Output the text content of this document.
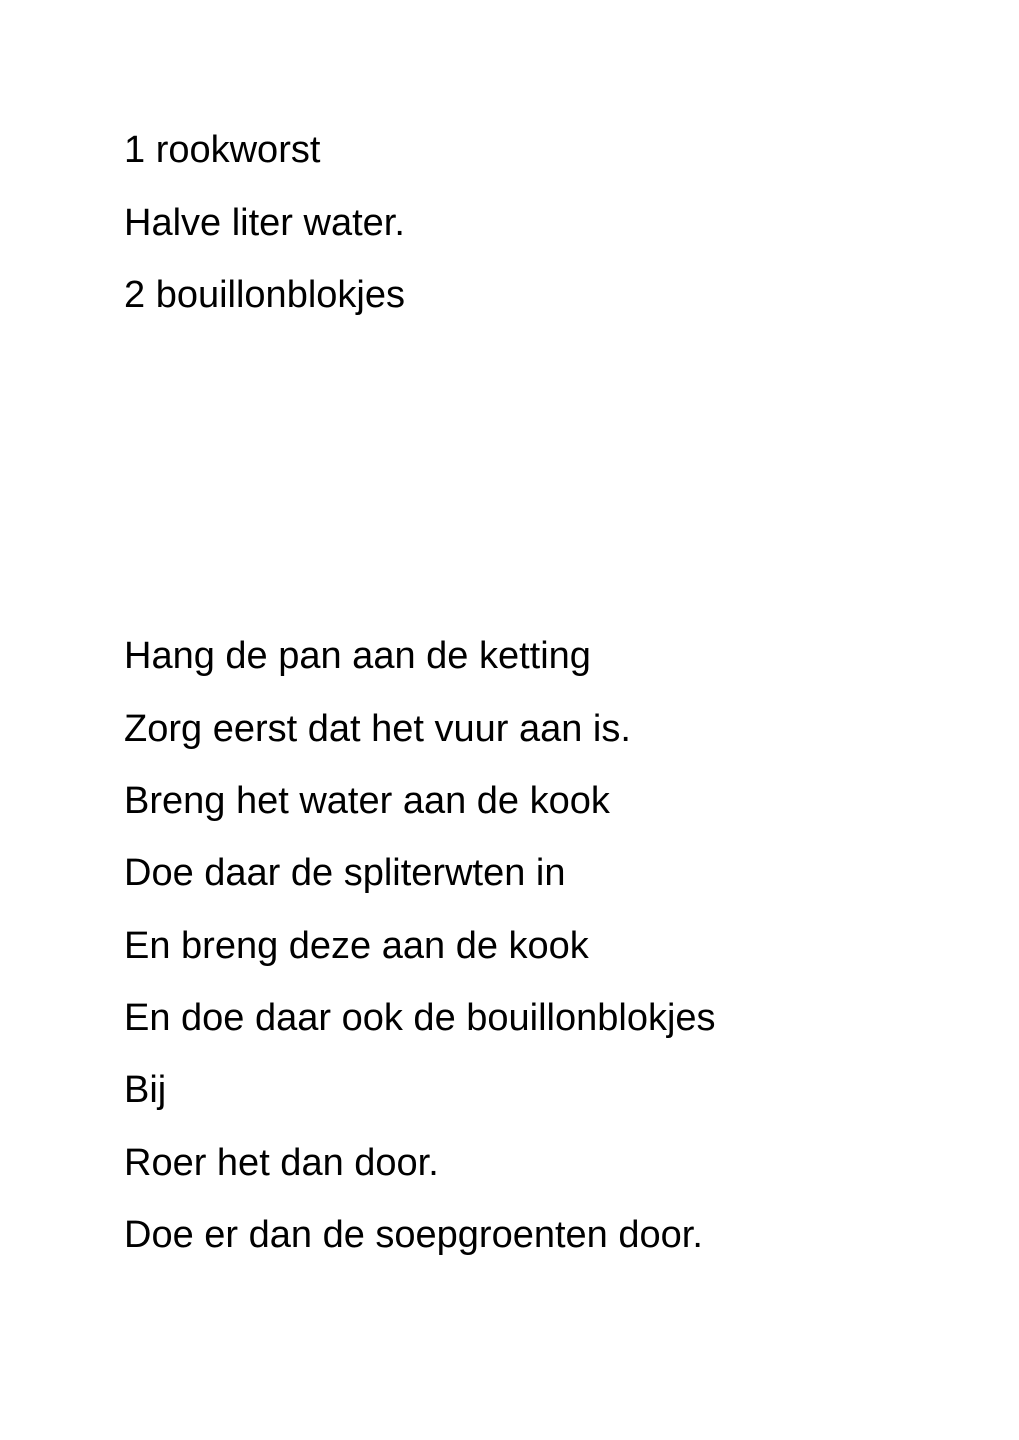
1 rookworst
Halve liter water.
2 bouillonblokjes
Hang de pan aan de ketting
Zorg eerst dat het vuur aan is.
Breng het water aan de kook
Doe daar de spliterwten in
En breng deze aan de kook
En doe daar ook de bouillonblokjes
Bij
Roer het dan door.
Doe er dan de soepgroenten door.
